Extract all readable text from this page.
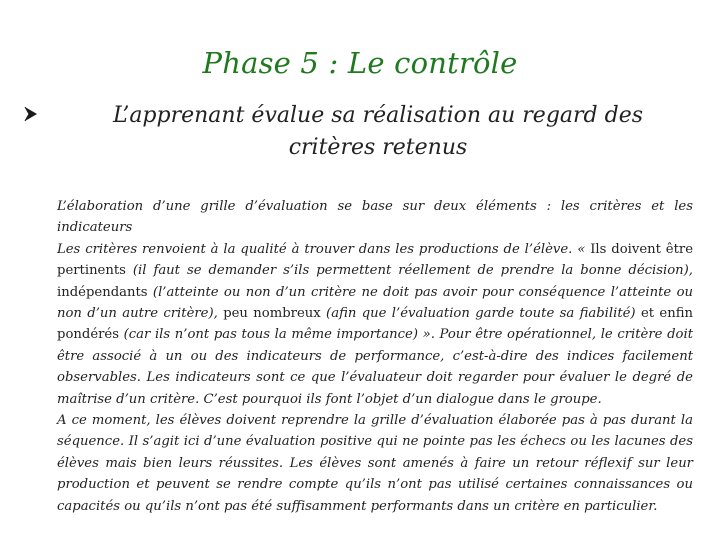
Phase 5 : Le contrôle
L’apprenant évalue sa réalisation au regard des critères retenus

L’élaboration d’une grille d’évaluation se base sur deux éléments : les critères et les indicateurs

Les critères renvoient à la qualité à trouver dans les productions de l’élève. « Ils doivent être pertinents (il faut se demander s’ils permettent réellement de prendre la bonne décision), indépendants (l’atteinte ou non d’un critère ne doit pas avoir pour conséquence l’atteinte ou non d’un autre critère), peu nombreux (afin que l’évaluation garde toute sa fiabilité) et enfin pondérés (car ils n’ont pas tous la même importance) ». Pour être opérationnel, le critère doit être associé à un ou des indicateurs de performance, c’est-à-dire des indices facilement observables. Les indicateurs sont ce que l’évaluateur doit regarder pour évaluer le degré de maîtrise d’un critère. C’est pourquoi ils font l’objet d’un dialogue dans le groupe.

A ce moment, les élèves doivent reprendre la grille d’évaluation élaborée pas à pas durant la séquence. Il s’agit ici d’une évaluation positive qui ne pointe pas les échecs ou les lacunes des élèves mais bien leurs réussites. Les élèves sont amenés à faire un retour réflexif sur leur production et peuvent se rendre compte qu’ils n’ont pas utilisé certaines connaissances ou capacités ou qu’ils n’ont pas été suffisamment performants dans un critère en particulier.
